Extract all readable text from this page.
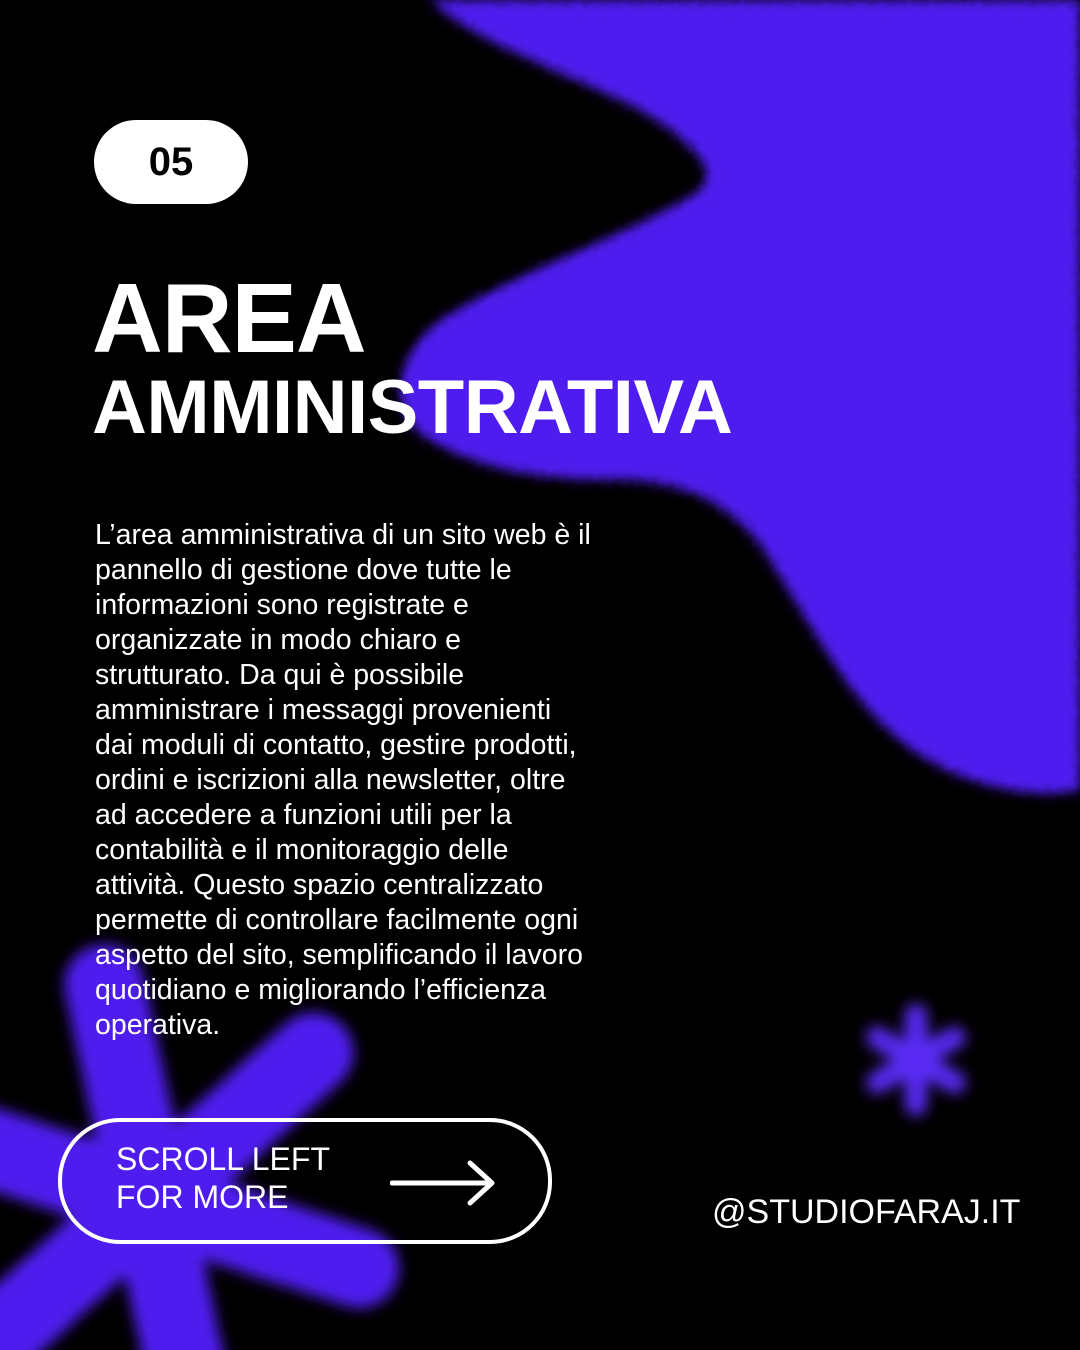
05
AREA
AMMINISTRATIVA

L’area amministrativa di un sito web è il
pannello di gestione dove tutte le
informazioni sono registrate e
organizzate in modo chiaro e
strutturato. Da qui è possibile
amministrare i messaggi provenienti
dai moduli di contatto, gestire prodotti,
ordini e iscrizioni alla newsletter, oltre
ad accedere a funzioni utili per la
contabilità e il monitoraggio delle
attività. Questo spazio centralizzato
permette di controllare facilmente ogni
aspetto del sito, semplificando il lavoro
quotidiano e migliorando l’efficienza
operativa.

SCROLL LEFT
FOR MORE	@STUDIOFARAJ.IT
